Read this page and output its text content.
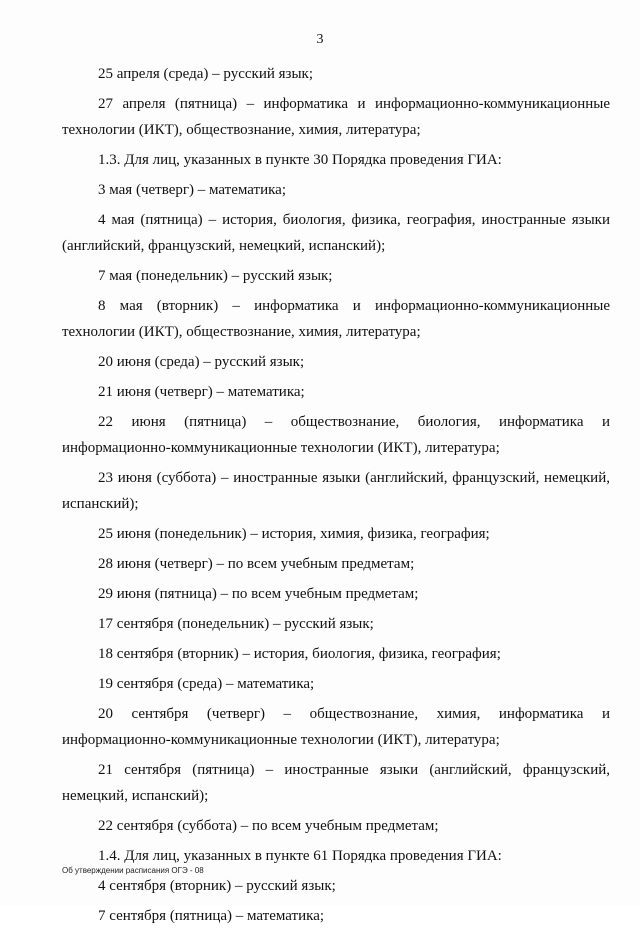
3

25 апреля (среда) – русский язык;

27 апреля (пятница) – информатика и информационно-коммуникационные технологии (ИКТ), обществознание, химия, литература;

1.3. Для лиц, указанных в пункте 30 Порядка проведения ГИА:

3 мая (четверг) – математика;

4 мая (пятница) – история, биология, физика, география, иностранные языки (английский, французский, немецкий, испанский);

7 мая (понедельник) – русский язык;

8 мая (вторник) – информатика и информационно-коммуникационные технологии (ИКТ), обществознание, химия, литература;

20 июня (среда) – русский язык;

21 июня (четверг) – математика;

22 июня (пятница) – обществознание, биология, информатика и информационно-коммуникационные технологии (ИКТ), литература;

23 июня (суббота) – иностранные языки (английский, французский, немецкий, испанский);

25 июня (понедельник) – история, химия, физика, география;

28 июня (четверг) – по всем учебным предметам;

29 июня (пятница) – по всем учебным предметам;

17 сентября (понедельник) – русский язык;

18 сентября (вторник) – история, биология, физика, география;

19 сентября (среда) – математика;

20 сентября (четверг) – обществознание, химия, информатика и информационно-коммуникационные технологии (ИКТ), литература;

21 сентября (пятница) – иностранные языки (английский, французский, немецкий, испанский);

22 сентября (суббота) – по всем учебным предметам;

1.4. Для лиц, указанных в пункте 61 Порядка проведения ГИА:

4 сентября (вторник) – русский язык;

7 сентября (пятница) – математика;

Об утверждении расписания ОГЭ - 08
